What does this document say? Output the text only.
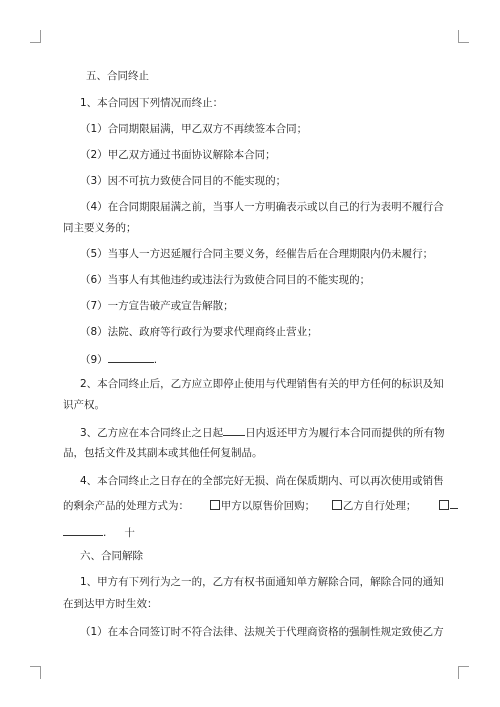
五、合同终止
1、本合同因下列情况而终止：
（1）合同期限届满，甲乙双方不再续签本合同；
（2）甲乙双方通过书面协议解除本合同；
（3）因不可抗力致使合同目的不能实现的；
（4）在合同期限届满之前，当事人一方明确表示或以自己的行为表明不履行合
同主要义务的；
（5）当事人一方迟延履行合同主要义务，经催告后在合理期限内仍未履行；
（6）当事人有其他违约或违法行为致使合同目的不能实现的；
（7）一方宣告破产或宣告解散；
（8）法院、政府等行政行为要求代理商终止营业；
（9）	.
2、本合同终止后，乙方应立即停止使用与代理销售有关的甲方任何的标识及知
识产权。
3、乙方应在本合同终止之日起 日内返还甲方为履行本合同而提供的所有物
品，包括文件及其副本或其他任何复制品。
4、本合同终止之日存在的全部完好无损、尚在保质期内、可以再次使用或销售
的剩余产品的处理方式为：	甲方以原售价回购；	乙方自行处理；
. 十
六、合同解除
1、甲方有下列行为之一的，乙方有权书面通知单方解除合同，解除合同的通知
在到达甲方时生效：
（1）在本合同签订时不符合法律、法规关于代理商资格的强制性规定致使乙方
